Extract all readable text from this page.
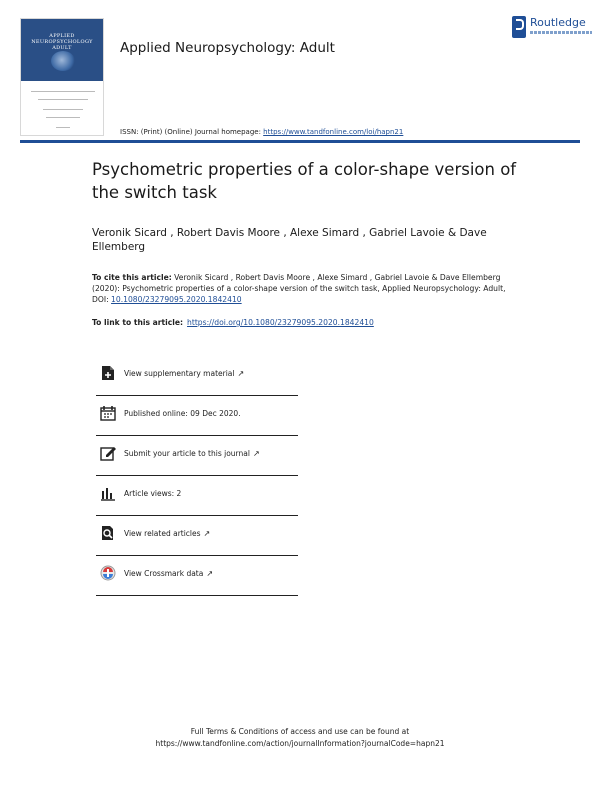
APPLIED
NEUROPSYCHOLOGY
ADULT	Applied Neuropsychology: Adult
Routledge
ISSN: (Print) (Online) Journal homepage: https://www.tandfonline.com/loi/hapn21
Psychometric properties of a color-shape version of the switch task
Veronik Sicard , Robert Davis Moore , Alexe Simard , Gabriel Lavoie & Dave Ellemberg
To cite this article: Veronik Sicard , Robert Davis Moore , Alexe Simard , Gabriel Lavoie & Dave Ellemberg (2020): Psychometric properties of a color-shape version of the switch task, Applied Neuropsychology: Adult, DOI: 10.1080/23279095.2020.1842410
To link to this article: https://doi.org/10.1080/23279095.2020.1842410
View supplementary material ↗
Published online: 09 Dec 2020.
Submit your article to this journal ↗
Article views: 2
View related articles ↗
View Crossmark data ↗
Full Terms & Conditions of access and use can be found at
https://www.tandfonline.com/action/journalInformation?journalCode=hapn21
